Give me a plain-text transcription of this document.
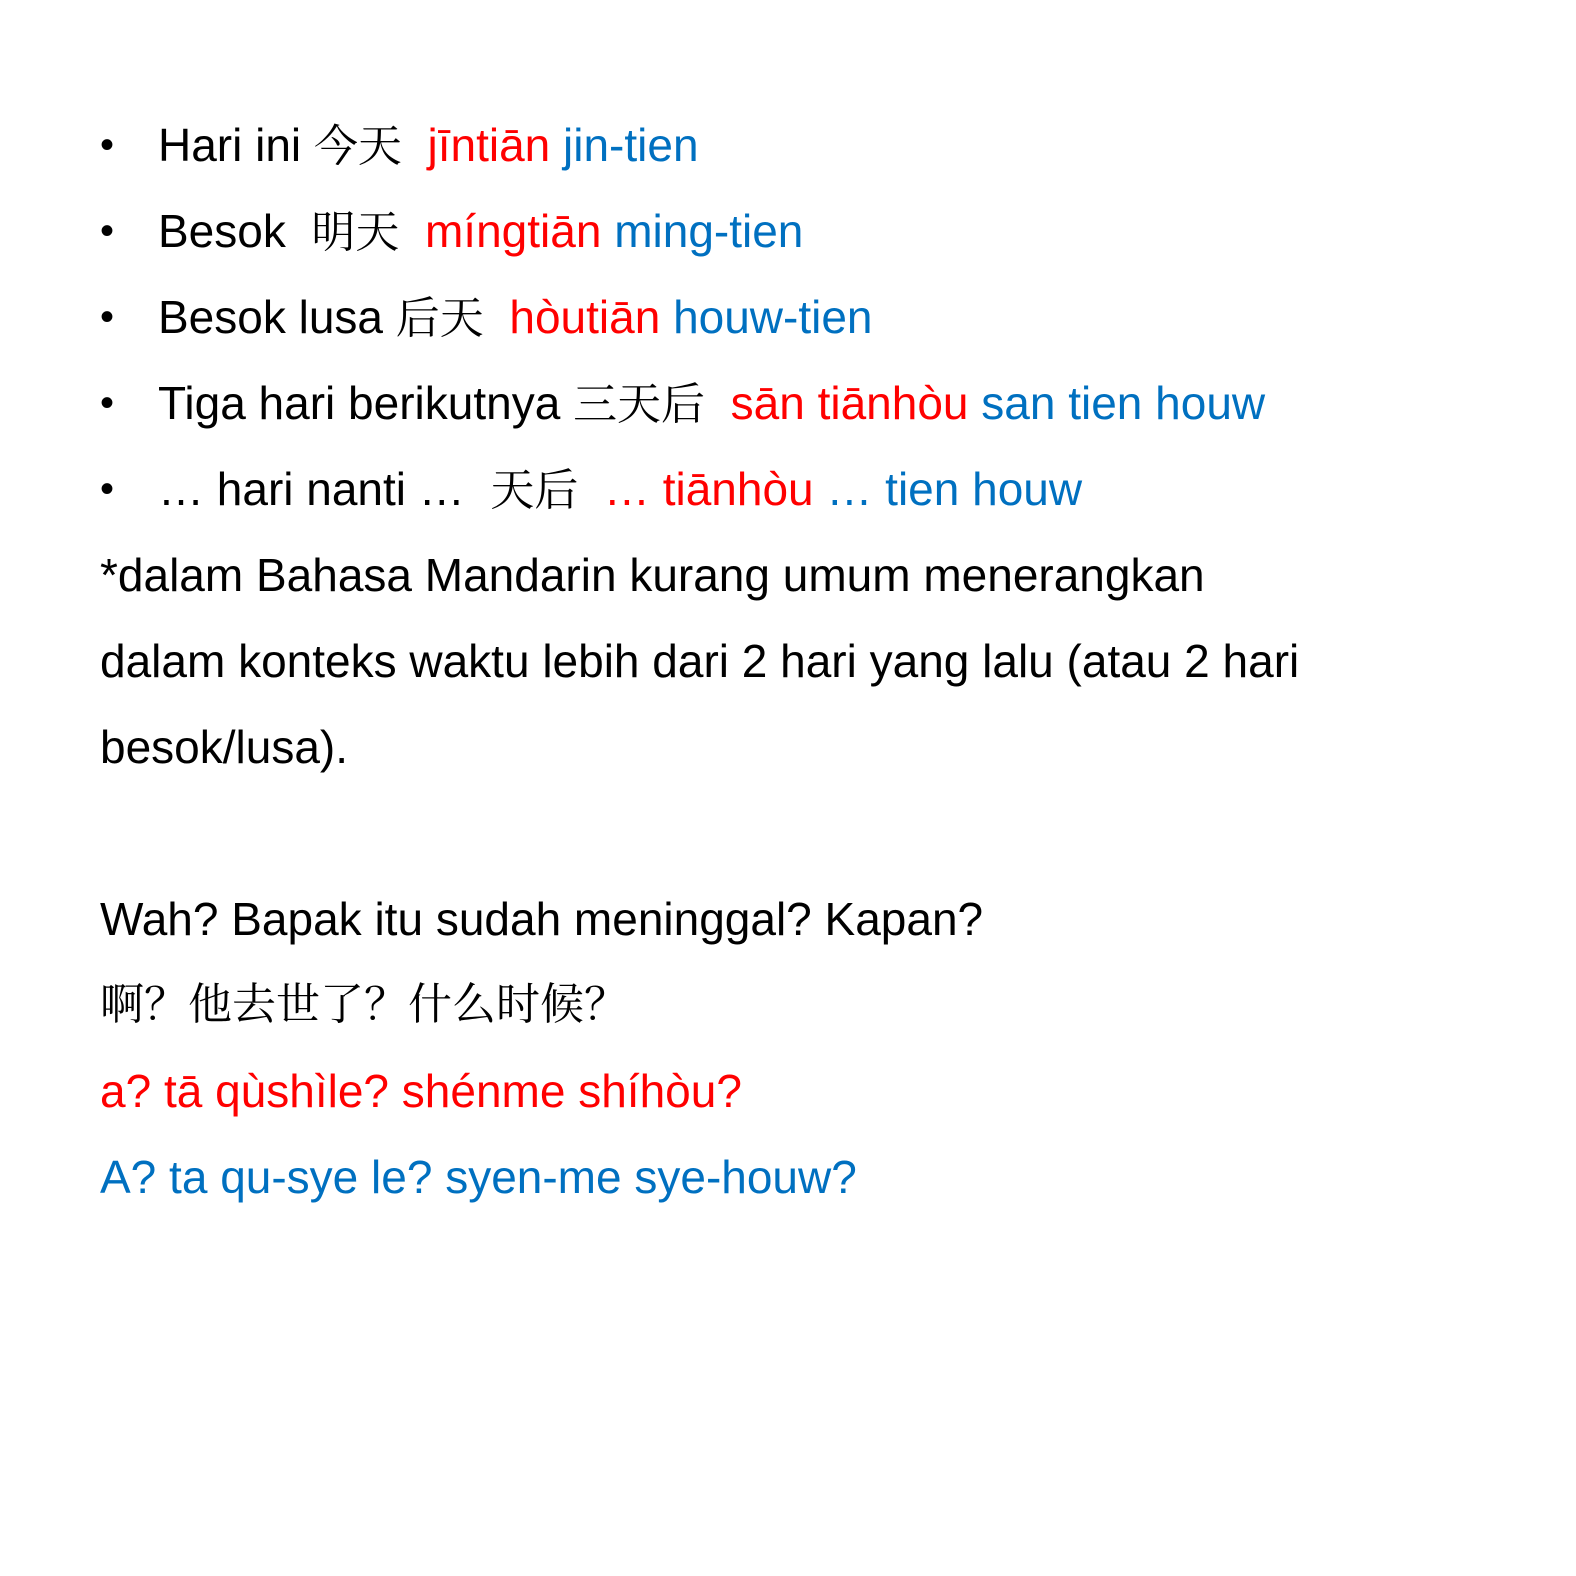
• Hari ini 今天 jīntiān jin-tien
• Besok 明天 míngtiān ming-tien
• Besok lusa 后天 hòutiān houw-tien
• Tiga hari berikutnya 三天后 sān tiānhòu san tien houw
• … hari nanti … 天后 … tiānhòu … tien houw
*dalam Bahasa Mandarin kurang umum menerangkan
dalam konteks waktu lebih dari 2 hari yang lalu (atau 2 hari
besok/lusa).
Wah? Bapak itu sudah meninggal? Kapan?
啊？他去世了？什么时候？
a? tā qùshìle? shénme shíhòu?
A? ta qu-sye le? syen-me sye-houw?
